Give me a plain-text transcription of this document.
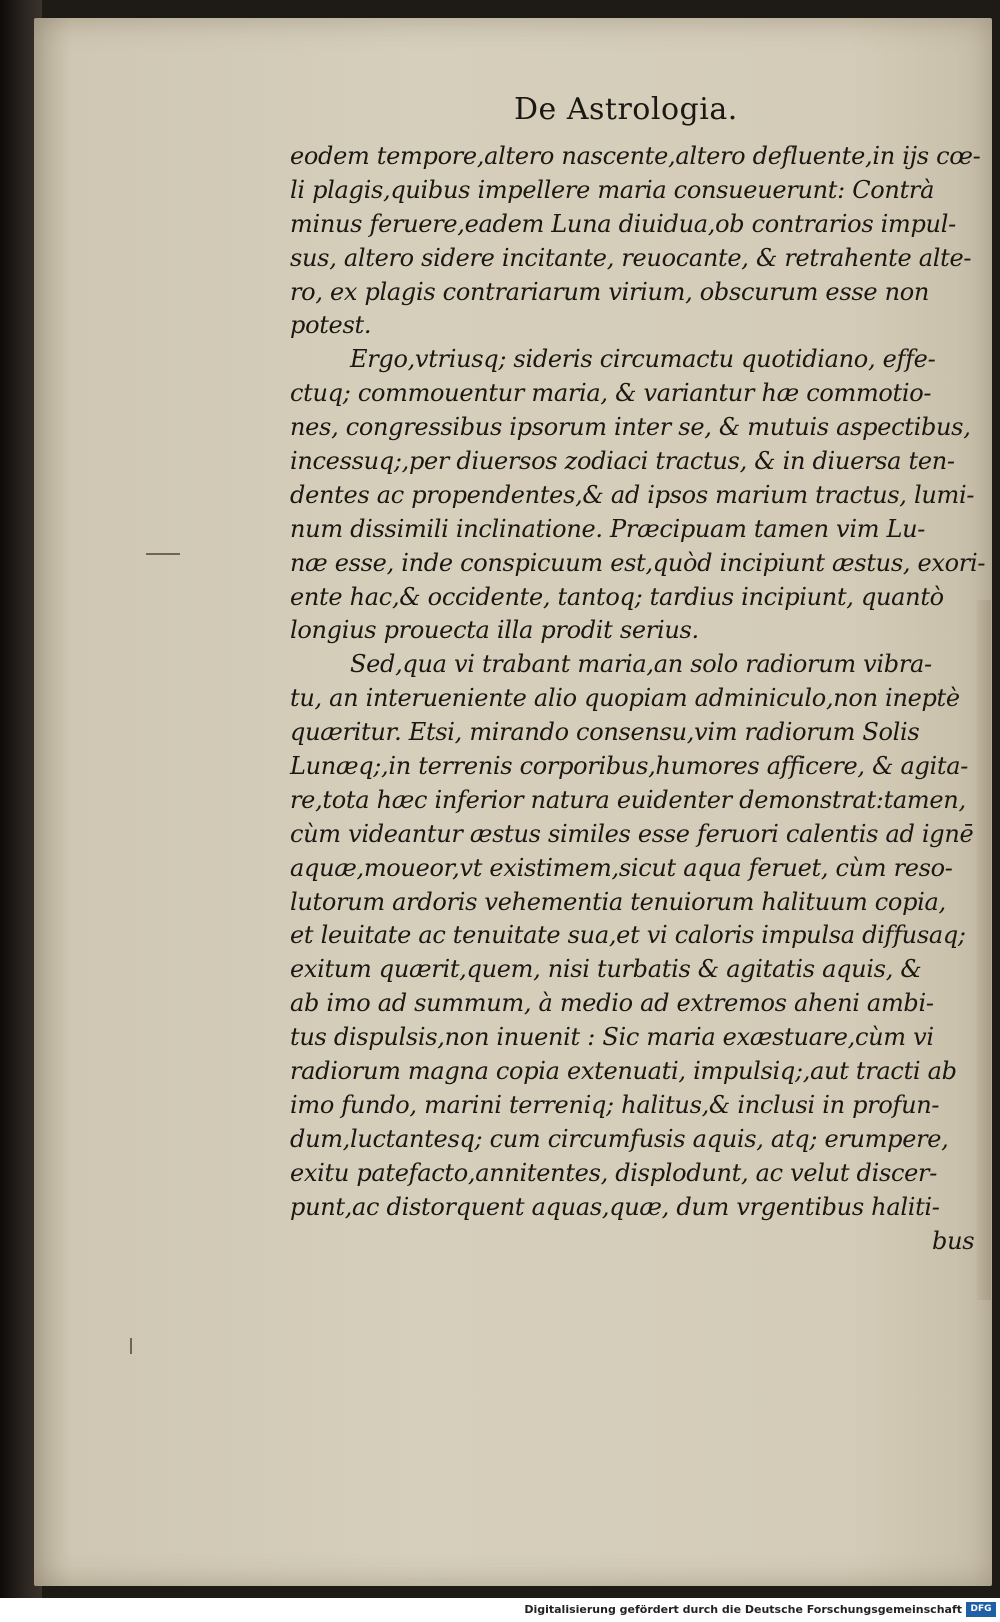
De Astrologia.
eodem tempore,altero nascente,altero defluente,in ijs cœ-
li plagis,quibus impellere maria consueuerunt: Contrà
minus feruere,eadem Luna diuidua,ob contrarios impul-
sus, altero sidere incitante, reuocante, & retrahente alte-
ro, ex plagis contrariarum virium, obscurum esse non
potest.
Ergo,vtriusq; sideris circumactu quotidiano, effe-
ctuq; commouentur maria, & variantur hæ commotio-
nes, congressibus ipsorum inter se, & mutuis aspectibus,
incessuq;,per diuersos zodiaci tractus, & in diuersa ten-
dentes ac propendentes,& ad ipsos marium tractus, lumi-
num dissimili inclinatione. Præcipuam tamen vim Lu-
næ esse, inde conspicuum est,quòd incipiunt æstus, exori-
ente hac,& occidente, tantoq; tardius incipiunt, quantò
longius prouecta illa prodit serius.
Sed,qua vi trabant maria,an solo radiorum vibra-
tu, an interueniente alio quopiam adminiculo,non ineptè
quæritur. Etsi, mirando consensu,vim radiorum Solis
Lunæq;,in terrenis corporibus,humores afficere, & agita-
re,tota hæc inferior natura euidenter demonstrat:tamen,
cùm videantur æstus similes esse feruori calentis ad ignē
aquæ,moueor,vt existimem,sicut aqua feruet, cùm reso-
lutorum ardoris vehementia tenuiorum halituum copia,
et leuitate ac tenuitate sua,et vi caloris impulsa diffusaq;
exitum quærit,quem, nisi turbatis & agitatis aquis, &
ab imo ad summum, à medio ad extremos aheni ambi-
tus dispulsis,non inuenit : Sic maria exæstuare,cùm vi
radiorum magna copia extenuati, impulsiq;,aut tracti ab
imo fundo, marini terreniq; halitus,& inclusi in profun-
dum,luctantesq; cum circumfusis aquis, atq; erumpere,
exitu patefacto,annitentes, displodunt, ac velut discer-
punt,ac distorquent aquas,quæ, dum vrgentibus haliti-
bus

Digitalisierung gefördert durch die Deutsche Forschungsgemeinschaft DFG
